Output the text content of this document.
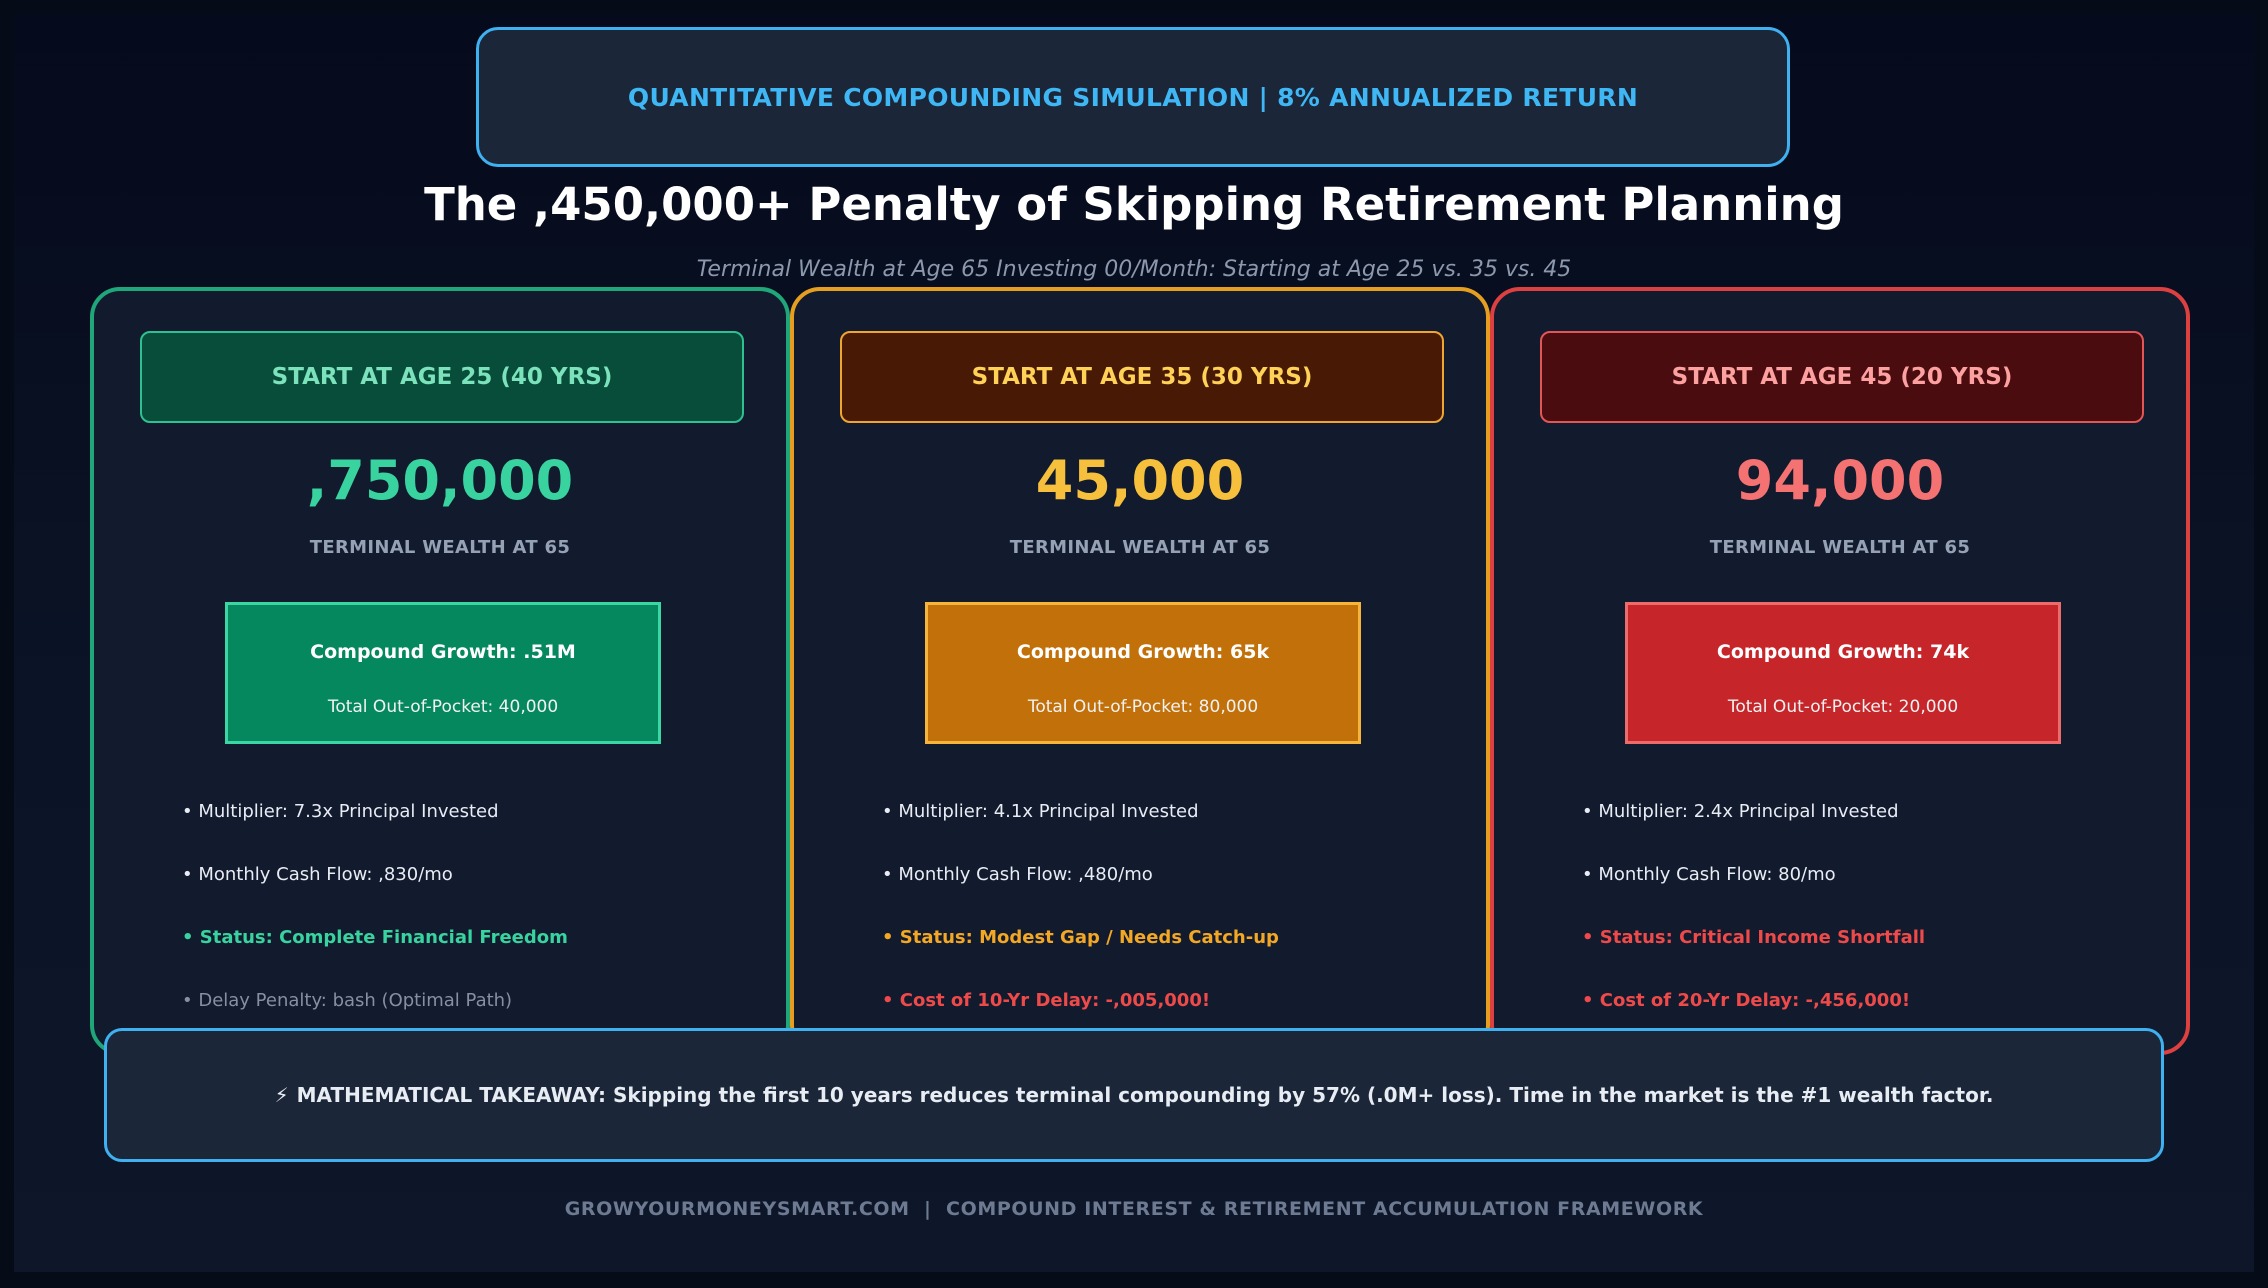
QUANTITATIVE COMPOUNDING SIMULATION | 8% ANNUALIZED RETURN
The ,450,000+ Penalty of Skipping Retirement Planning
Terminal Wealth at Age 65 Investing 00/Month: Starting at Age 25 vs. 35 vs. 45
START AT AGE 25 (40 YRS)
,750,000
TERMINAL WEALTH AT 65
Compound Growth: .51M
Total Out-of-Pocket: 40,000
• Multiplier: 7.3x Principal Invested
• Monthly Cash Flow: ,830/mo
• Status: Complete Financial Freedom
• Delay Penalty: bash (Optimal Path)
START AT AGE 35 (30 YRS)
45,000
TERMINAL WEALTH AT 65
Compound Growth: 65k
Total Out-of-Pocket: 80,000
• Multiplier: 4.1x Principal Invested
• Monthly Cash Flow: ,480/mo
• Status: Modest Gap / Needs Catch-up
• Cost of 10-Yr Delay: -,005,000!
START AT AGE 45 (20 YRS)
94,000
TERMINAL WEALTH AT 65
Compound Growth: 74k
Total Out-of-Pocket: 20,000
• Multiplier: 2.4x Principal Invested
• Monthly Cash Flow: 80/mo
• Status: Critical Income Shortfall
• Cost of 20-Yr Delay: -,456,000!
⚡ MATHEMATICAL TAKEAWAY: Skipping the first 10 years reduces terminal compounding by 57% (.0M+ loss). Time in the market is the #1 wealth factor.
GROWYOURMONEYSMART.COM  |  COMPOUND INTEREST & RETIREMENT ACCUMULATION FRAMEWORK
